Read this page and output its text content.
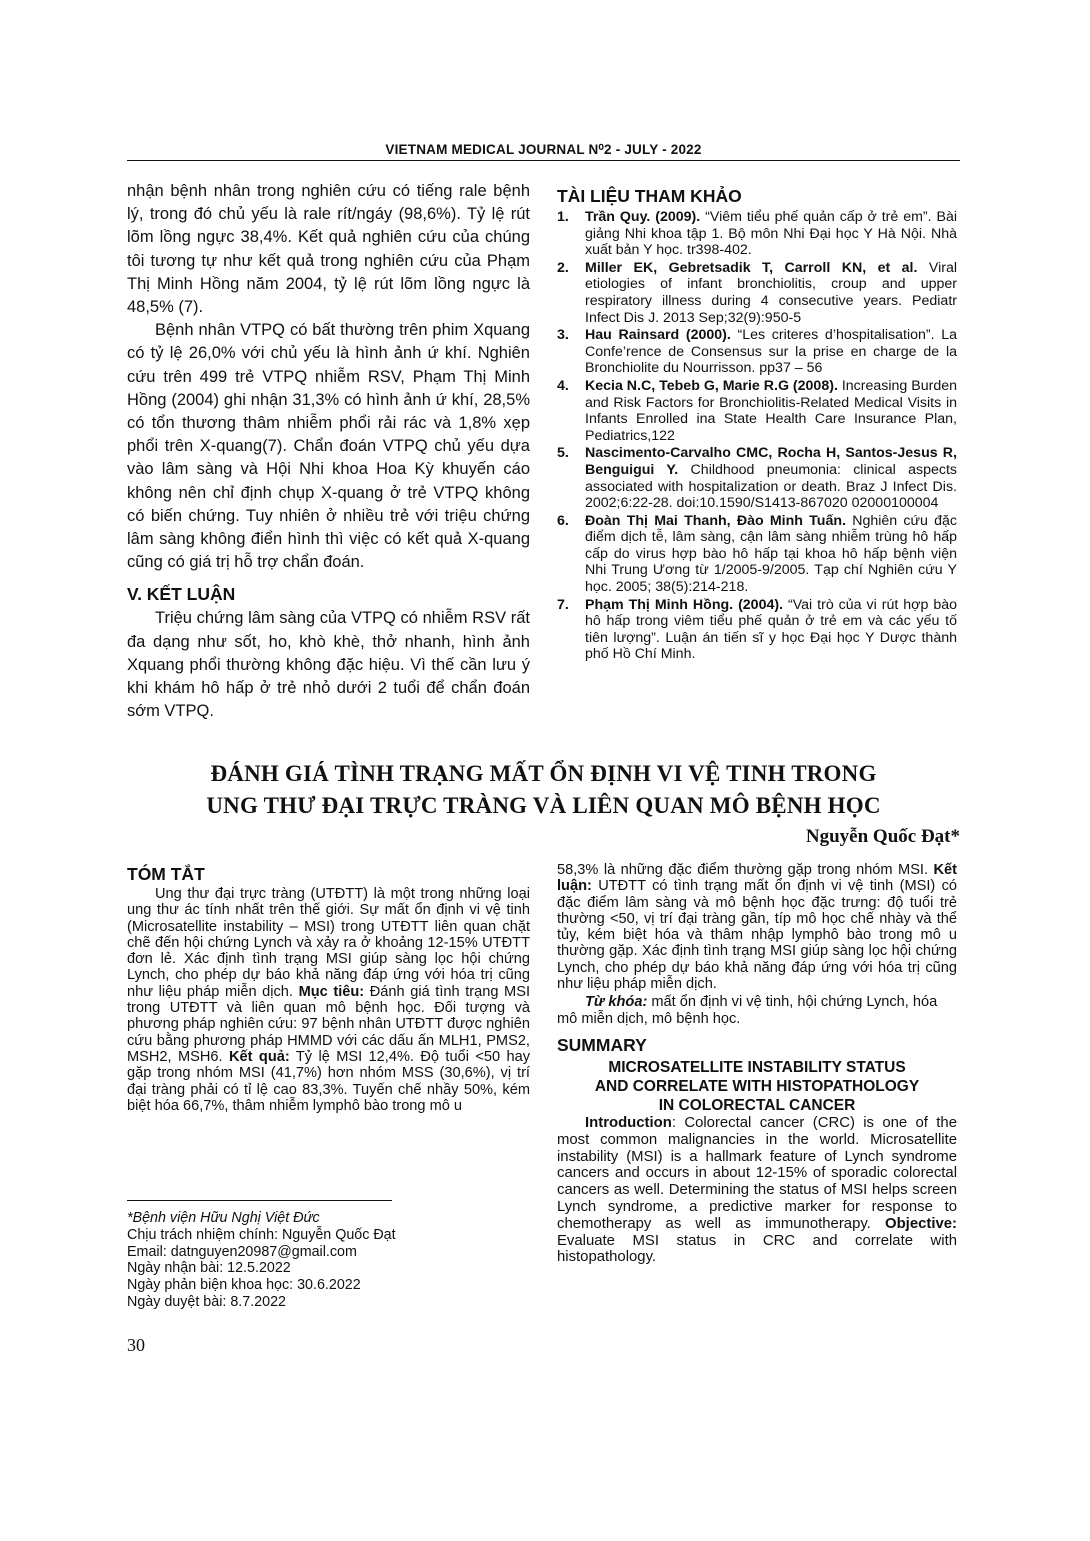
VIETNAM MEDICAL JOURNAL N⁰2 - JULY - 2022

nhận bệnh nhân trong nghiên cứu có tiếng rale bệnh lý, trong đó chủ yếu là rale rít/ngáy (98,6%). Tỷ lệ rút lõm lồng ngực 38,4%. Kết quả nghiên cứu của chúng tôi tương tự như kết quả trong nghiên cứu của Phạm Thị Minh Hồng năm 2004, tỷ lệ rút lõm lồng ngực là 48,5% (7).

Bệnh nhân VTPQ có bất thường trên phim Xquang có tỷ lệ 26,0% với chủ yếu là hình ảnh ứ khí. Nghiên cứu trên 499 trẻ VTPQ nhiễm RSV, Phạm Thị Minh Hồng (2004) ghi nhận 31,3% có hình ảnh ứ khí, 28,5% có tổn thương thâm nhiễm phổi rải rác và 1,8% xẹp phổi trên X-quang(7). Chẩn đoán VTPQ chủ yếu dựa vào lâm sàng và Hội Nhi khoa Hoa Kỳ khuyến cáo không nên chỉ định chụp X-quang ở trẻ VTPQ không có biến chứng. Tuy nhiên ở nhiều trẻ với triệu chứng lâm sàng không điển hình thì việc có kết quả X-quang cũng có giá trị hỗ trợ chẩn đoán.

V. KẾT LUẬN

Triệu chứng lâm sàng của VTPQ có nhiễm RSV rất đa dạng như sốt, ho, khò khè, thở nhanh, hình ảnh Xquang phổi thường không đặc hiệu. Vì thế cần lưu ý khi khám hô hấp ở trẻ nhỏ dưới 2 tuổi để chẩn đoán sớm VTPQ.

TÀI LIỆU THAM KHẢO
1. Trần Quy. (2009). “Viêm tiểu phế quản cấp ở trẻ em”. Bài giảng Nhi khoa tập 1. Bộ môn Nhi Đại học Y Hà Nội. Nhà xuất bản Y học. tr398-402.
2. Miller EK, Gebretsadik T, Carroll KN, et al. Viral etiologies of infant bronchiolitis, croup and upper respiratory illness during 4 consecutive years. Pediatr Infect Dis J. 2013 Sep;32(9):950-5
3. Hau Rainsard (2000). “Les criteres d’hospitalisation”. La Confe’rence de Consensus sur la prise en charge de la Bronchiolite du Nourrisson. pp37 – 56
4. Kecia N.C, Tebeb G, Marie R.G (2008). Increasing Burden and Risk Factors for Bronchiolitis-Related Medical Visits in Infants Enrolled ina State Health Care Insurance Plan, Pediatrics,122
5. Nascimento-Carvalho CMC, Rocha H, Santos-Jesus R, Benguigui Y. Childhood pneumonia: clinical aspects associated with hospitalization or death. Braz J Infect Dis. 2002;6:22-28. doi:10.1590/S1413-867020 02000100004
6. Đoàn Thị Mai Thanh, Đào Minh Tuấn. Nghiên cứu đặc điểm dịch tễ, lâm sàng, cận lâm sàng nhiễm trùng hô hấp cấp do virus hợp bào hô hấp tại khoa hô hấp bệnh viện Nhi Trung Ương từ 1/2005-9/2005. Tạp chí Nghiên cứu Y học. 2005; 38(5):214-218.
7. Phạm Thị Minh Hồng. (2004). “Vai trò của vi rút hợp bào hô hấp trong viêm tiểu phế quản ở trẻ em và các yếu tố tiên lượng”. Luận án tiến sĩ y học Đại học Y Dược thành phố Hồ Chí Minh.
ĐÁNH GIÁ TÌNH TRẠNG MẤT ỔN ĐỊNH VI VỆ TINH TRONG
UNG THƯ ĐẠI TRỰC TRÀNG VÀ LIÊN QUAN MÔ BỆNH HỌC
Nguyễn Quốc Đạt*
TÓM TẮT

Ung thư đại trực tràng (UTĐTT) là một trong những loại ung thư ác tính nhất trên thế giới. Sự mất ổn định vi vệ tinh (Microsatellite instability – MSI) trong UTĐTT liên quan chặt chẽ đến hội chứng Lynch và xảy ra ở khoảng 12-15% UTĐTT đơn lẻ. Xác định tình trạng MSI giúp sàng lọc hội chứng Lynch, cho phép dự báo khả năng đáp ứng với hóa trị cũng như liệu pháp miễn dịch. Mục tiêu: Đánh giá tình trạng MSI trong UTĐTT và liên quan mô bệnh học. Đối tượng và phương pháp nghiên cứu: 97 bệnh nhân UTĐTT được nghiên cứu bằng phương pháp HMMD với các dấu ấn MLH1, PMS2, MSH2, MSH6. Kết quả: Tỷ lệ MSI 12,4%. Độ tuổi <50 hay gặp trong nhóm MSI (41,7%) hơn nhóm MSS (30,6%), vị trí đại tràng phải có tỉ lệ cao 83,3%. Tuyến chế nhầy 50%, kém biệt hóa 66,7%, thâm nhiễm lymphô bào trong mô u

58,3% là những đặc điểm thường gặp trong nhóm MSI. Kết luận: UTĐTT có tình trạng mất ổn định vi vệ tinh (MSI) có đặc điểm lâm sàng và mô bệnh học đặc trưng: độ tuổi trẻ thường <50, vị trí đại tràng gần, típ mô học chế nhày và thể tủy, kém biệt hóa và thâm nhập lymphô bào trong mô u thường gặp. Xác định tình trạng MSI giúp sàng lọc hội chứng Lynch, cho phép dự báo khả năng đáp ứng với hóa trị cũng như liệu pháp miễn dịch.

Từ khóa: mất ổn định vi vệ tinh, hội chứng Lynch, hóa mô miễn dịch, mô bệnh học.

SUMMARY
MICROSATELLITE INSTABILITY STATUS
AND CORRELATE WITH HISTOPATHOLOGY
IN COLORECTAL CANCER

Introduction: Colorectal cancer (CRC) is one of the most common malignancies in the world. Microsatellite instability (MSI) is a hallmark feature of Lynch syndrome cancers and occurs in about 12-15% of sporadic colorectal cancers as well. Determining the status of MSI helps screen Lynch syndrome, a predictive marker for response to chemotherapy as well as immunotherapy. Objective: Evaluate MSI status in CRC and correlate with histopathology.

*Bệnh viện Hữu Nghị Việt Đức
Chịu trách nhiệm chính: Nguyễn Quốc Đạt
Email: datnguyen20987@gmail.com
Ngày nhận bài: 12.5.2022
Ngày phản biện khoa học: 30.6.2022
Ngày duyệt bài: 8.7.2022
30
